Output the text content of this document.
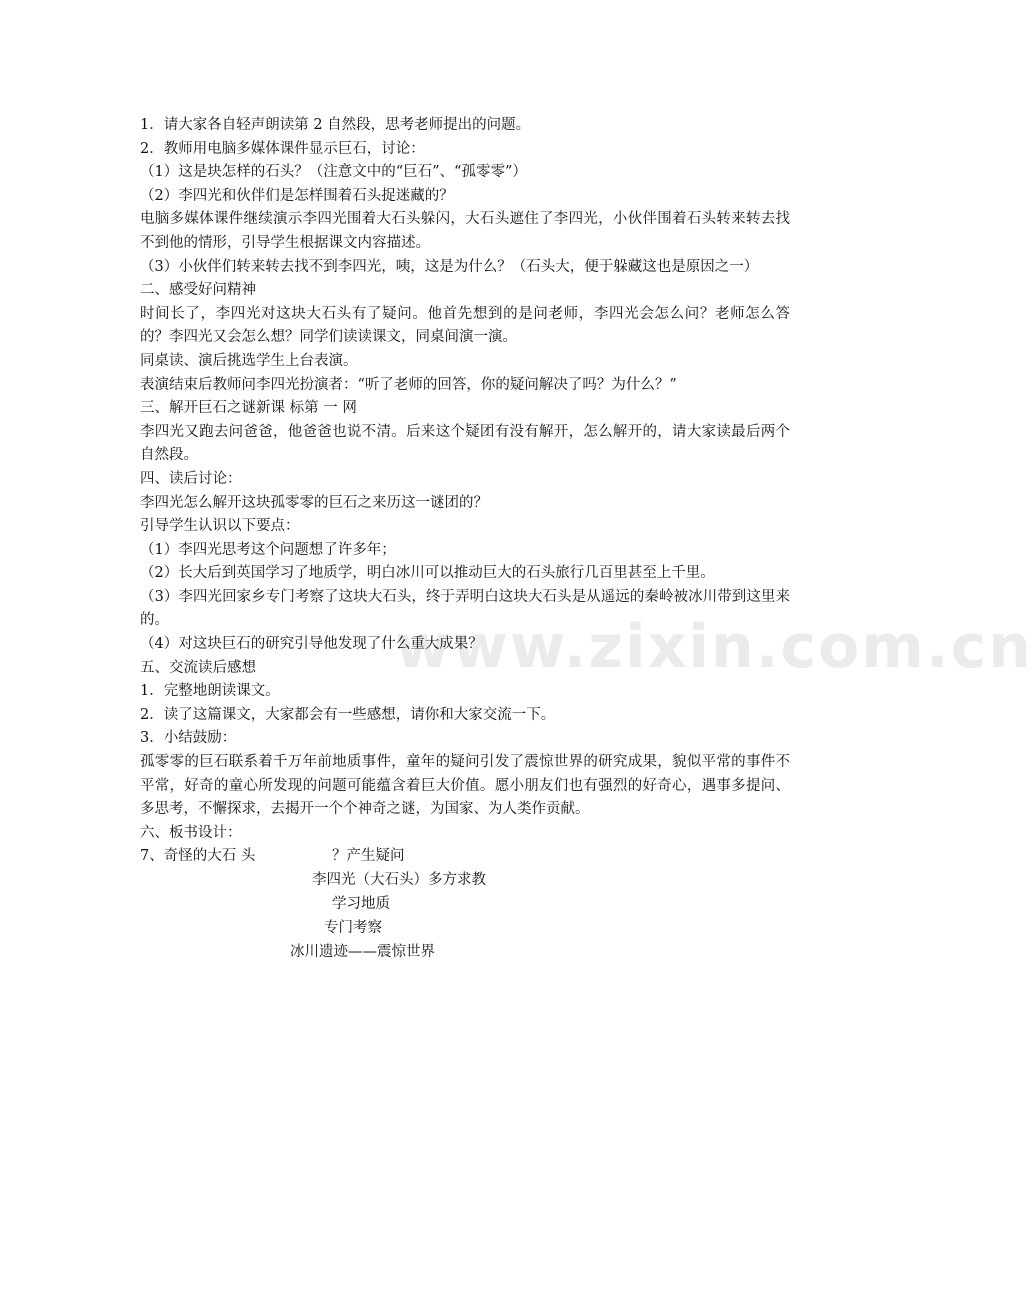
www.zixin.com.cn
1．请大家各自轻声朗读第 2 自然段，思考老师提出的问题。
2．教师用电脑多媒体课件显示巨石，讨论：
（1）这是块怎样的石头？（注意文中的“巨石”、“孤零零”）
（2）李四光和伙伴们是怎样围着石头捉迷藏的？
电脑多媒体课件继续演示李四光围着大石头躲闪，大石头遮住了李四光，小伙伴围着石头转来转去找不到他的情形，引导学生根据课文内容描述。
（3）小伙伴们转来转去找不到李四光，咦，这是为什么？（石头大，便于躲藏这也是原因之一）
二、感受好问精神
时间长了，李四光对这块大石头有了疑问。他首先想到的是问老师，李四光会怎么问？老师怎么答的？李四光又会怎么想？同学们读读课文，同桌间演一演。
同桌读、演后挑选学生上台表演。
表演结束后教师问李四光扮演者：“听了老师的回答，你的疑问解决了吗？为什么？”
三、解开巨石之谜新课 标第 一 网
李四光又跑去问爸爸，他爸爸也说不清。后来这个疑团有没有解开，怎么解开的，请大家读最后两个自然段。
四、读后讨论：
李四光怎么解开这块孤零零的巨石之来历这一谜团的？
引导学生认识以下要点：
（1）李四光思考这个问题想了许多年；
（2）长大后到英国学习了地质学，明白冰川可以推动巨大的石头旅行几百里甚至上千里。
（3）李四光回家乡专门考察了这块大石头，终于弄明白这块大石头是从遥远的秦岭被冰川带到这里来的。
（4）对这块巨石的研究引导他发现了什么重大成果？
五、交流读后感想
1．完整地朗读课文。
2．读了这篇课文，大家都会有一些感想，请你和大家交流一下。
3．小结鼓励：
孤零零的巨石联系着千万年前地质事件，童年的疑问引发了震惊世界的研究成果，貌似平常的事件不平常，好奇的童心所发现的问题可能蕴含着巨大价值。愿小朋友们也有强烈的好奇心，遇事多提问、多思考，不懈探求，去揭开一个个神奇之谜，为国家、为人类作贡献。
六、板书设计：
7、奇怪的大石 头	？产生疑问
李四光（大石头）多方求教
学习地质
专门考察
冰川遗迹——震惊世界
